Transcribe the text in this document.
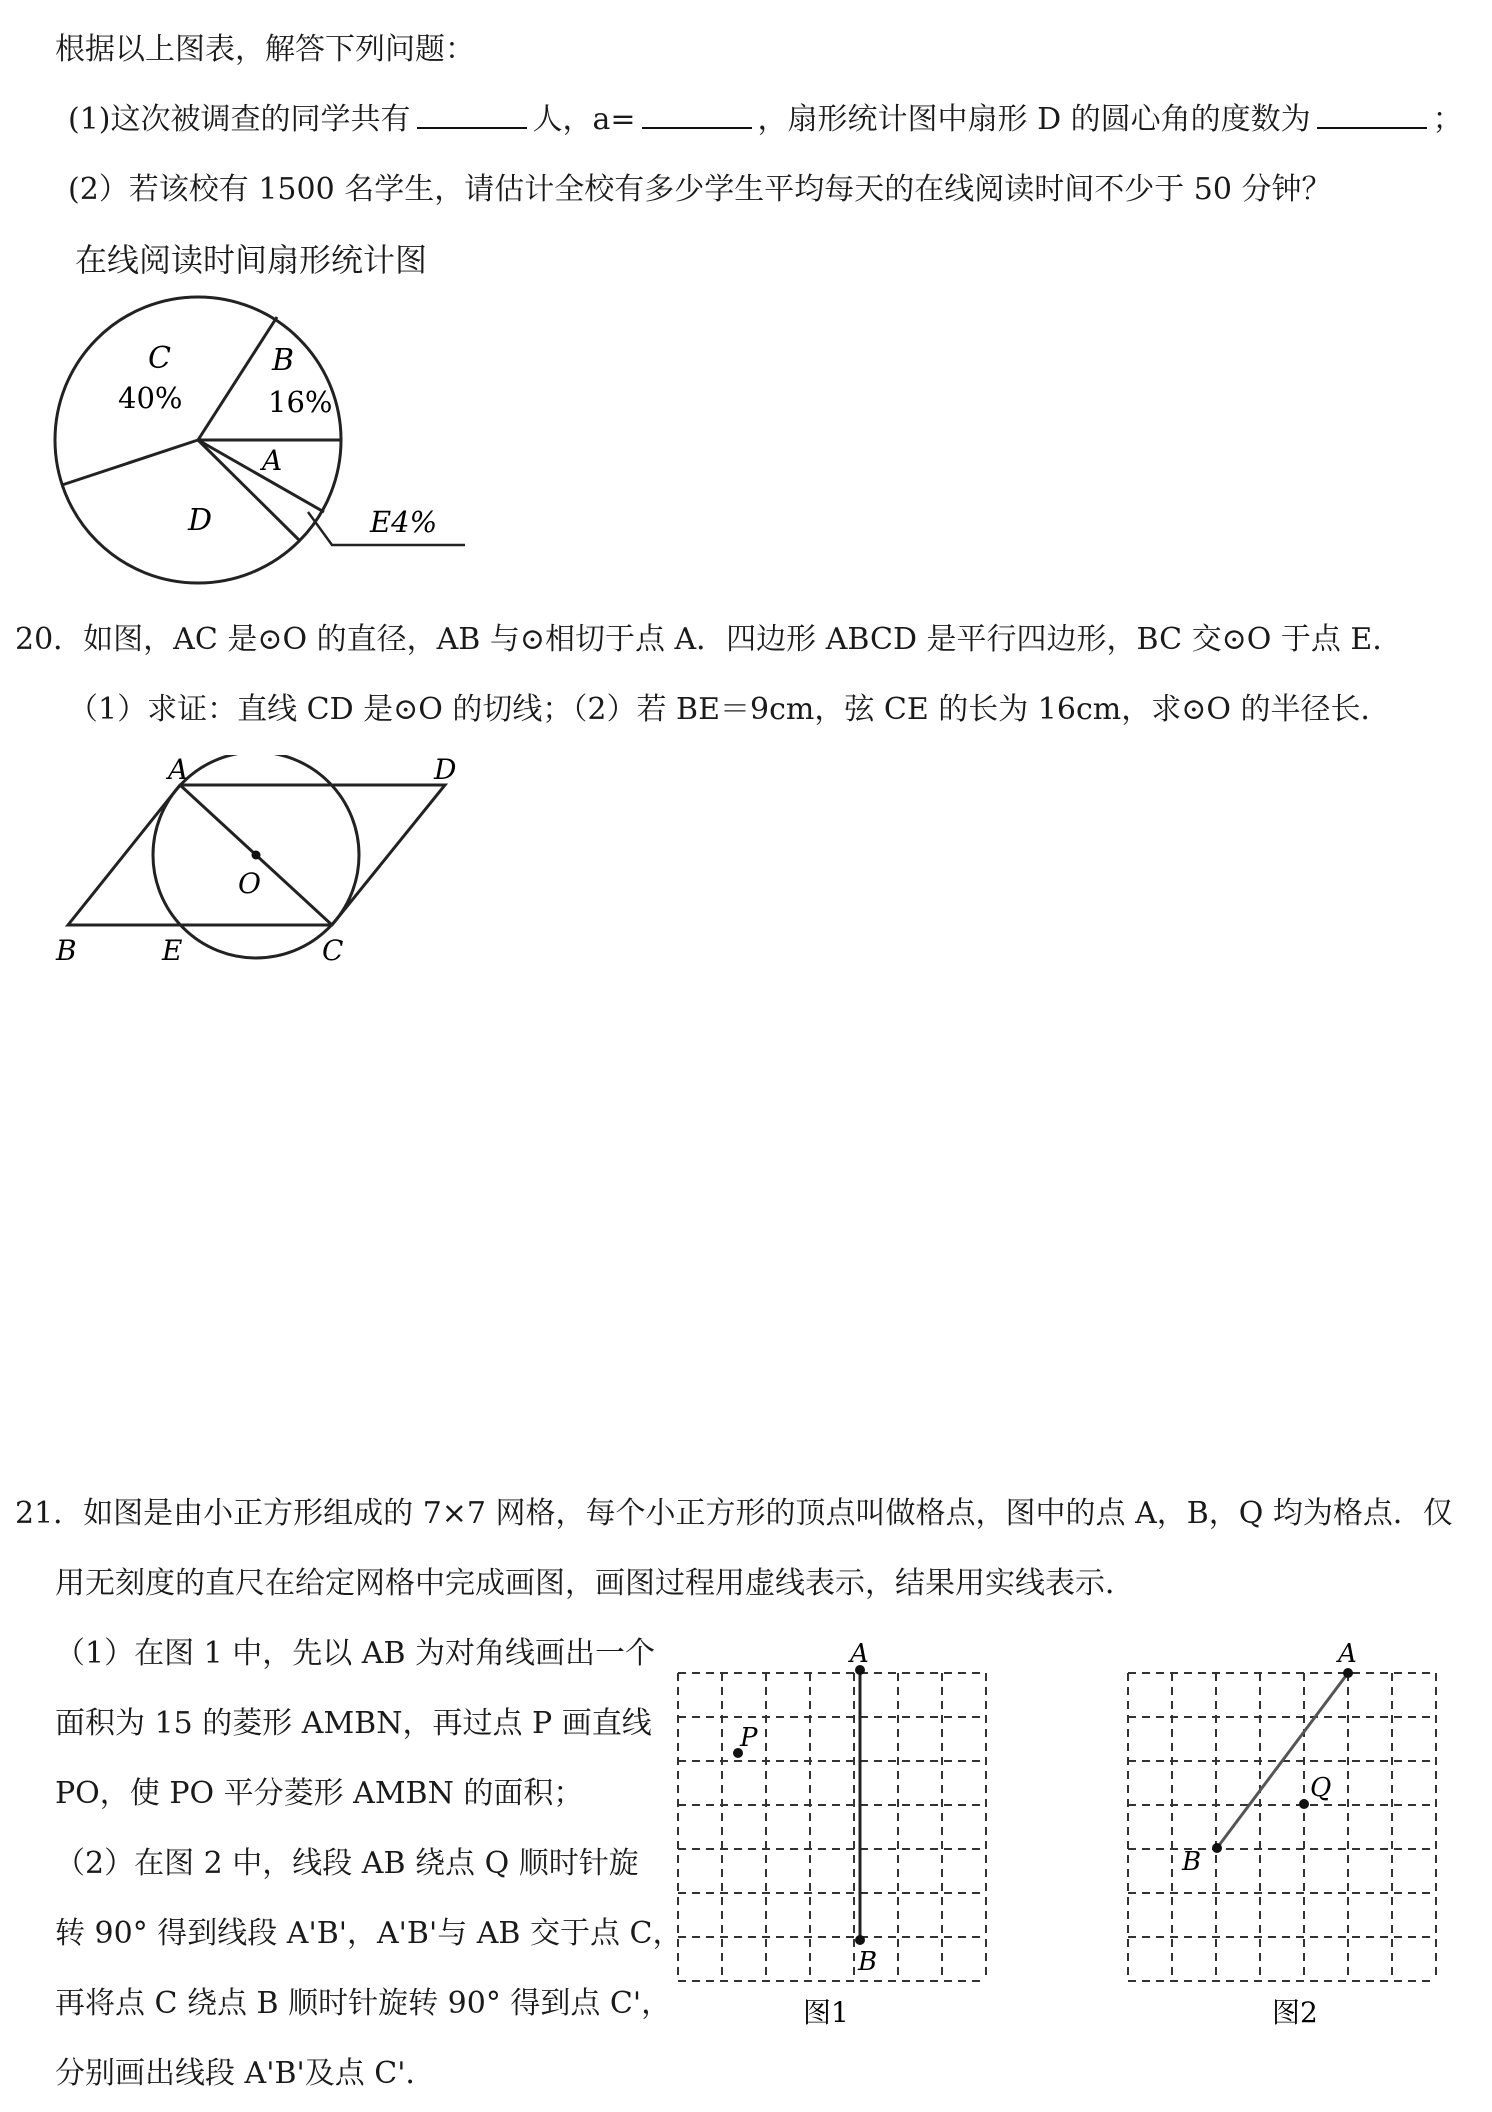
根据以上图表，解答下列问题：
(1)这次被调查的同学共有	人，a=	，扇形统计图中扇形 D 的圆心角的度数为	；
(2）若该校有 1500 名学生，请估计全校有多少学生平均每天的在线阅读时间不少于 50 分钟？
在线阅读时间扇形统计图
C
40%
B
16%
A
D	E4%
20．如图，AC 是⊙O 的直径，AB 与⊙相切于点 A．四边形 ABCD 是平行四边形，BC 交⊙O 于点 E．
（1）求证：直线 CD 是⊙O 的切线；（2）若 BE＝9cm，弦 CE 的长为 16cm，求⊙O 的半径长．
A	D
O
B	E	C
21．如图是由小正方形组成的 7×7 网格，每个小正方形的顶点叫做格点，图中的点 A，B，Q 均为格点．仅
用无刻度的直尺在给定网格中完成画图，画图过程用虚线表示，结果用实线表示．
（1）在图 1 中，先以 AB 为对角线画出一个
面积为 15 的菱形 AMBN，再过点 P 画直线
PO，使 PO 平分菱形 AMBN 的面积；
（2）在图 2 中，线段 AB 绕点 Q 顺时针旋
转 90° 得到线段 A'B'，A'B'与 AB 交于点 C，
再将点 C 绕点 B 顺时针旋转 90° 得到点 C'，
分别画出线段 A'B'及点 C'．
A
B
P
图1
A
B
Q
图2
